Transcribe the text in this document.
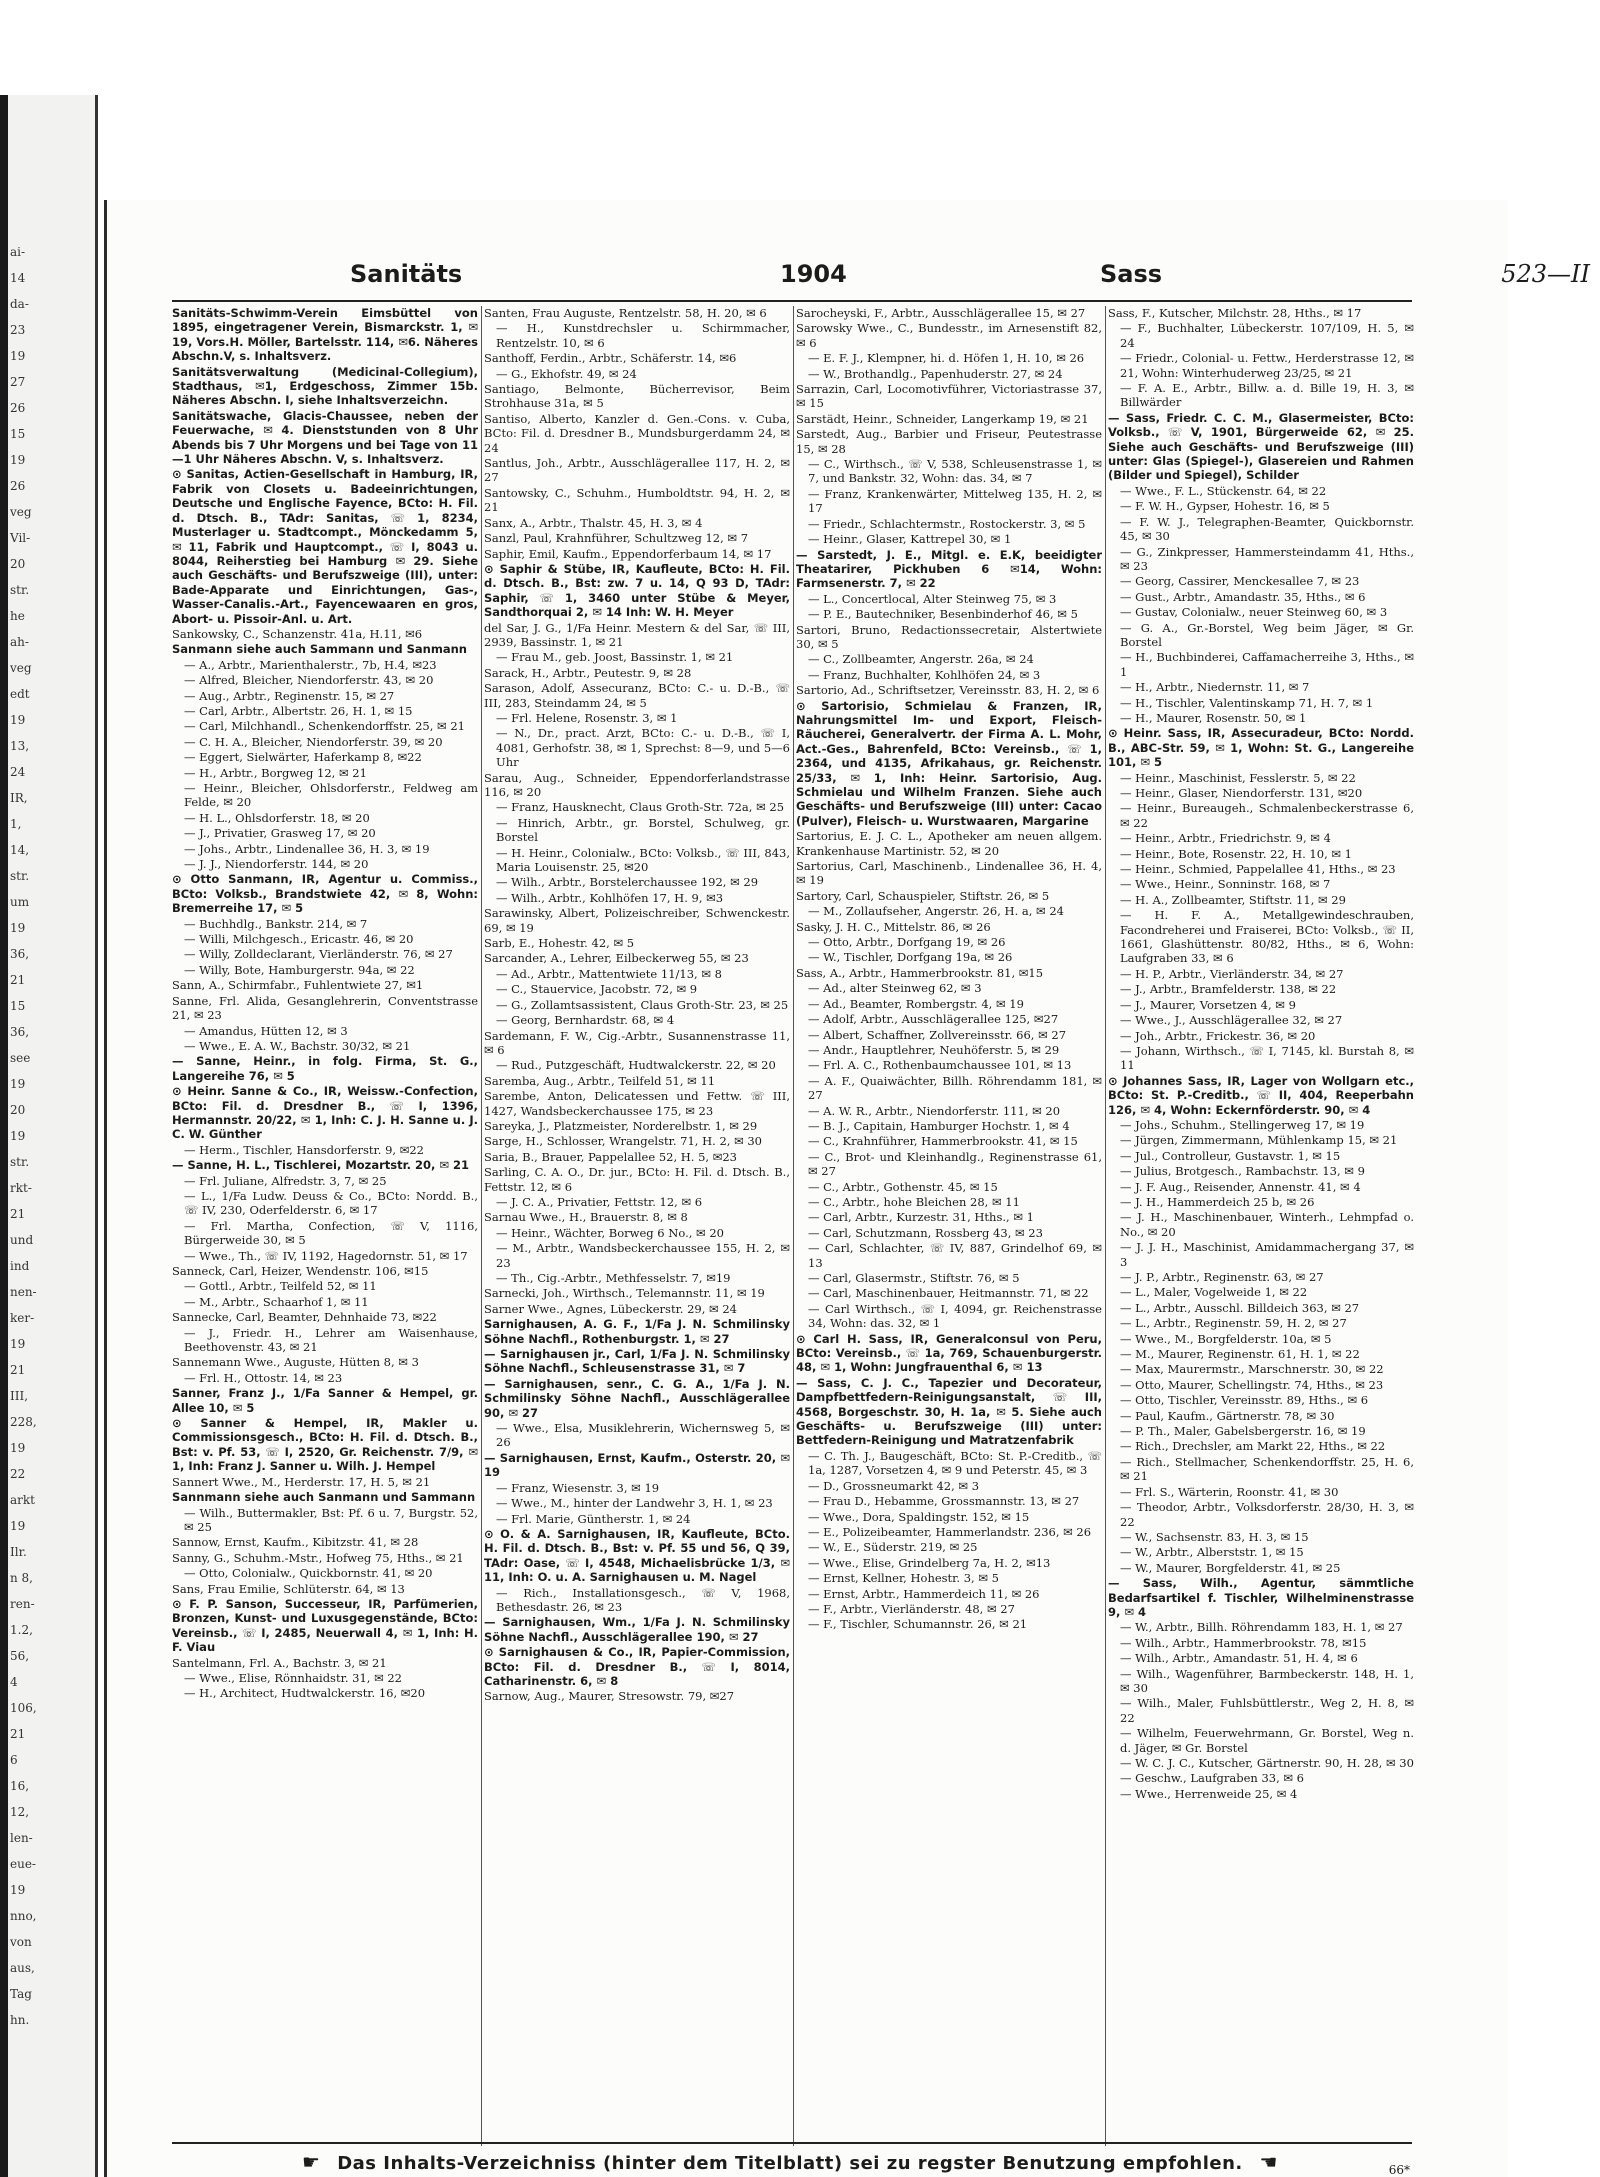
ai-
14
da-
23
19
27
26
15
19
26
veg
Vil-
20
str.
he
ah-
veg
edt
19
13,
24
IR,
1,
14,
str.
um
19
36,
21
15
36,
see
19
20
19
str.
rkt-
21
und
ind
nen-
ker-
19
21
III,
228,
19
22
arkt
19
Ilr.
n 8,
ren-
1.2,
56,
4
106,
21
6
16,
12,
len-
eue-
19
nno,
von
aus,
Tag
hn.
Sanitäts	1904	Sass	523—II
Sanitäts-Schwimm-Verein Eimsbüttel von 1895, eingetragener Verein, Bismarckstr. 1, ✉19, Vors.H. Möller, Bartelsstr. 114, ✉6. Näheres Abschn.V, s. Inhaltsverz.
Sanitätsverwaltung (Medicinal-Collegium), Stadthaus, ✉1, Erdgeschoss, Zimmer 15b. Näheres Abschn. I, siehe Inhaltsverzeichn.
Sanitätswache, Glacis-Chaussee, neben der Feuerwache, ✉ 4. Dienststunden von 8 Uhr Abends bis 7 Uhr Morgens und bei Tage von 11—1 Uhr Näheres Abschn. V, s. Inhaltsverz.
⊙ Sanitas, Actien-Gesellschaft in Hamburg, IR, Fabrik von Closets u. Badeeinrichtungen, Deutsche und Englische Fayence, BCto: H. Fil. d. Dtsch. B., TAdr: Sanitas, ☏ 1, 8234, Musterlager u. Stadtcompt., Mönckedamm 5, ✉ 11, Fabrik und Hauptcompt., ☏ I, 8043 u. 8044, Reiherstieg bei Hamburg ✉ 29. Siehe auch Geschäfts- und Berufszweige (III), unter: Bade-Apparate und Einrichtungen, Gas-, Wasser-Canalis.-Art., Fayencewaaren en gros, Abort- u. Pissoir-Anl. u. Art.
Sankowsky, C., Schanzenstr. 41a, H.11, ✉6
Sanmann siehe auch Sammann und Sanmann
— A., Arbtr., Marienthalerstr., 7b, H.4, ✉23
— Alfred, Bleicher, Niendorferstr. 43, ✉ 20
— Aug., Arbtr., Reginenstr. 15, ✉ 27
— Carl, Arbtr., Albertstr. 26, H. 1, ✉ 15
— Carl, Milchhandl., Schenkendorffstr. 25, ✉ 21
— C. H. A., Bleicher, Niendorferstr. 39, ✉ 20
— Eggert, Sielwärter, Haferkamp 8, ✉22
— H., Arbtr., Borgweg 12, ✉ 21
— Heinr., Bleicher, Ohlsdorferstr., Feldweg am Felde, ✉ 20
— H. L., Ohlsdorferstr. 18, ✉ 20
— J., Privatier, Grasweg 17, ✉ 20
— Johs., Arbtr., Lindenallee 36, H. 3, ✉ 19
— J. J., Niendorferstr. 144, ✉ 20
⊙ Otto Sanmann, IR, Agentur u. Commiss., BCto: Volksb., Brandstwiete 42, ✉ 8, Wohn: Bremerreihe 17, ✉ 5
— Buchhdlg., Bankstr. 214, ✉ 7
— Willi, Milchgesch., Ericastr. 46, ✉ 20
— Willy, Zolldeclarant, Vierländerstr. 76, ✉ 27
— Willy, Bote, Hamburgerstr. 94a, ✉ 22
Sann, A., Schirmfabr., Fuhlentwiete 27, ✉1
Sanne, Frl. Alida, Gesanglehrerin, Conventstrasse 21, ✉ 23
— Amandus, Hütten 12, ✉ 3
— Wwe., E. A. W., Bachstr. 30/32, ✉ 21
— Sanne, Heinr., in folg. Firma, St. G., Langereihe 76, ✉ 5
⊙ Heinr. Sanne & Co., IR, Weissw.-Confection, BCto: Fil. d. Dresdner B., ☏ I, 1396, Hermannstr. 20/22, ✉ 1, Inh: C. J. H. Sanne u. J. C. W. Günther
— Herm., Tischler, Hansdorferstr. 9, ✉22
— Sanne, H. L., Tischlerei, Mozartstr. 20, ✉ 21
— Frl. Juliane, Alfredstr. 3, 7, ✉ 25
— L., 1/Fa Ludw. Deuss & Co., BCto: Nordd. B., ☏ IV, 230, Oderfelderstr. 6, ✉ 17
— Frl. Martha, Confection, ☏ V, 1116, Bürgerweide 30, ✉ 5
— Wwe., Th., ☏ IV, 1192, Hagedornstr. 51, ✉ 17
Sanneck, Carl, Heizer, Wendenstr. 106, ✉15
— Gottl., Arbtr., Teilfeld 52, ✉ 11
— M., Arbtr., Schaarhof 1, ✉ 11
Sannecke, Carl, Beamter, Dehnhaide 73, ✉22
— J., Friedr. H., Lehrer am Waisenhause, Beethovenstr. 43, ✉ 21
Sannemann Wwe., Auguste, Hütten 8, ✉ 3
— Frl. H., Ottostr. 14, ✉ 23
Sanner, Franz J., 1/Fa Sanner & Hempel, gr. Allee 10, ✉ 5
⊙ Sanner & Hempel, IR, Makler u. Commissionsgesch., BCto: H. Fil. d. Dtsch. B., Bst: v. Pf. 53, ☏ I, 2520, Gr. Reichenstr. 7/9, ✉ 1, Inh: Franz J. Sanner u. Wilh. J. Hempel
Sannert Wwe., M., Herderstr. 17, H. 5, ✉ 21
Sannmann siehe auch Sanmann und Sammann
— Wilh., Buttermakler, Bst: Pf. 6 u. 7, Burgstr. 52, ✉ 25
Sannow, Ernst, Kaufm., Kibitzstr. 41, ✉ 28
Sanny, G., Schuhm.-Mstr., Hofweg 75, Hths., ✉ 21
— Otto, Colonialw., Quickbornstr. 41, ✉ 20
Sans, Frau Emilie, Schlüterstr. 64, ✉ 13
⊙ F. P. Sanson, Successeur, IR, Parfümerien, Bronzen, Kunst- und Luxusgegenstände, BCto: Vereinsb., ☏ I, 2485, Neuerwall 4, ✉ 1, Inh: H. F. Viau
Santelmann, Frl. A., Bachstr. 3, ✉ 21
— Wwe., Elise, Rönnhaidstr. 31, ✉ 22
— H., Architect, Hudtwalckerstr. 16, ✉20
Santen, Frau Auguste, Rentzelstr. 58, H. 20, ✉ 6
— H., Kunstdrechsler u. Schirmmacher, Rentzelstr. 10, ✉ 6
Santhoff, Ferdin., Arbtr., Schäferstr. 14, ✉6
— G., Ekhofstr. 49, ✉ 24
Santiago, Belmonte, Bücherrevisor, Beim Strohhause 31a, ✉ 5
Santiso, Alberto, Kanzler d. Gen.-Cons. v. Cuba, BCto: Fil. d. Dresdner B., Mundsburgerdamm 24, ✉ 24
Santlus, Joh., Arbtr., Ausschlägerallee 117, H. 2, ✉ 27
Santowsky, C., Schuhm., Humboldtstr. 94, H. 2, ✉ 21
Sanx, A., Arbtr., Thalstr. 45, H. 3, ✉ 4
Sanzl, Paul, Krahnführer, Schultzweg 12, ✉ 7
Saphir, Emil, Kaufm., Eppendorferbaum 14, ✉ 17
⊙ Saphir & Stübe, IR, Kaufleute, BCto: H. Fil. d. Dtsch. B., Bst: zw. 7 u. 14, Q 93 D, TAdr: Saphir, ☏ 1, 3460 unter Stübe & Meyer, Sandthorquai 2, ✉ 14 Inh: W. H. Meyer
del Sar, J. G., 1/Fa Heinr. Mestern & del Sar, ☏ III, 2939, Bassinstr. 1, ✉ 21
— Frau M., geb. Joost, Bassinstr. 1, ✉ 21
Sarack, H., Arbtr., Peutestr. 9, ✉ 28
Sarason, Adolf, Assecuranz, BCto: C.- u. D.-B., ☏ III, 283, Steindamm 24, ✉ 5
— Frl. Helene, Rosenstr. 3, ✉ 1
— N., Dr., pract. Arzt, BCto: C.- u. D.-B., ☏ I, 4081, Gerhofstr. 38, ✉ 1, Sprechst: 8—9, und 5—6 Uhr
Sarau, Aug., Schneider, Eppendorferlandstrasse 116, ✉ 20
— Franz, Hausknecht, Claus Groth-Str. 72a, ✉ 25
— Hinrich, Arbtr., gr. Borstel, Schulweg, gr. Borstel
— H. Heinr., Colonialw., BCto: Volksb., ☏ III, 843, Maria Louisenstr. 25, ✉20
— Wilh., Arbtr., Borstelerchaussee 192, ✉ 29
— Wilh., Arbtr., Kohlhöfen 17, H. 9, ✉3
Sarawinsky, Albert, Polizeischreiber, Schwenckestr. 69, ✉ 19
Sarb, E., Hohestr. 42, ✉ 5
Sarcander, A., Lehrer, Eilbeckerweg 55, ✉ 23
— Ad., Arbtr., Mattentwiete 11/13, ✉ 8
— C., Stauervice, Jacobstr. 72, ✉ 9
— G., Zollamtsassistent, Claus Groth-Str. 23, ✉ 25
— Georg, Bernhardstr. 68, ✉ 4
Sardemann, F. W., Cig.-Arbtr., Susannenstrasse 11, ✉ 6
— Rud., Putzgeschäft, Hudtwalckerstr. 22, ✉ 20
Saremba, Aug., Arbtr., Teilfeld 51, ✉ 11
Sarembe, Anton, Delicatessen und Fettw. ☏ III, 1427, Wandsbeckerchaussee 175, ✉ 23
Sareyka, J., Platzmeister, Norderelbstr. 1, ✉ 29
Sarge, H., Schlosser, Wrangelstr. 71, H. 2, ✉ 30
Saria, B., Brauer, Pappelallee 52, H. 5, ✉23
Sarling, C. A. O., Dr. jur., BCto: H. Fil. d. Dtsch. B., Fettstr. 12, ✉ 6
— J. C. A., Privatier, Fettstr. 12, ✉ 6
Sarnau Wwe., H., Brauerstr. 8, ✉ 8
— Heinr., Wächter, Borweg 6 No., ✉ 20
— M., Arbtr., Wandsbeckerchaussee 155, H. 2, ✉ 23
— Th., Cig.-Arbtr., Methfesselstr. 7, ✉19
Sarnecki, Joh., Wirthsch., Telemannstr. 11, ✉ 19
Sarner Wwe., Agnes, Lübeckerstr. 29, ✉ 24
Sarnighausen, A. G. F., 1/Fa J. N. Schmilinsky Söhne Nachfl., Rothenburgstr. 1, ✉ 27
— Sarnighausen jr., Carl, 1/Fa J. N. Schmilinsky Söhne Nachfl., Schleusenstrasse 31, ✉ 7
— Sarnighausen, senr., C. G. A., 1/Fa J. N. Schmilinsky Söhne Nachfl., Ausschlägerallee 90, ✉ 27
— Wwe., Elsa, Musiklehrerin, Wichernsweg 5, ✉ 26
— Sarnighausen, Ernst, Kaufm., Osterstr. 20, ✉ 19
— Franz, Wiesenstr. 3, ✉ 19
— Wwe., M., hinter der Landwehr 3, H. 1, ✉ 23
— Frl. Marie, Güntherstr. 1, ✉ 24
⊙ O. & A. Sarnighausen, IR, Kaufleute, BCto. H. Fil. d. Dtsch. B., Bst: v. Pf. 55 und 56, Q 39, TAdr: Oase, ☏ I, 4548, Michaelisbrücke 1/3, ✉ 11, Inh: O. u. A. Sarnighausen u. M. Nagel
— Rich., Installationsgesch., ☏ V, 1968, Bethesdastr. 26, ✉ 23
— Sarnighausen, Wm., 1/Fa J. N. Schmilinsky Söhne Nachfl., Ausschlägerallee 190, ✉ 27
⊙ Sarnighausen & Co., IR, Papier-Commission, BCto: Fil. d. Dresdner B., ☏ I, 8014, Catharinenstr. 6, ✉ 8
Sarnow, Aug., Maurer, Stresowstr. 79, ✉27
Sarocheyski, F., Arbtr., Ausschlägerallee 15, ✉ 27
Sarowsky Wwe., C., Bundesstr., im Arnesenstift 82, ✉ 6
— E. F. J., Klempner, hi. d. Höfen 1, H. 10, ✉ 26
— W., Brothandlg., Papenhuderstr. 27, ✉ 24
Sarrazin, Carl, Locomotivführer, Victoriastrasse 37, ✉ 15
Sarstädt, Heinr., Schneider, Langerkamp 19, ✉ 21
Sarstedt, Aug., Barbier und Friseur, Peutestrasse 15, ✉ 28
— C., Wirthsch., ☏ V, 538, Schleusenstrasse 1, ✉ 7, und Bankstr. 32, Wohn: das. 34, ✉ 7
— Franz, Krankenwärter, Mittelweg 135, H. 2, ✉ 17
— Friedr., Schlachtermstr., Rostockerstr. 3, ✉ 5
— Heinr., Glaser, Kattrepel 30, ✉ 1
— Sarstedt, J. E., Mitgl. e. E.K, beeidigter Theatarirer, Pickhuben 6 ✉14, Wohn: Farmsenerstr. 7, ✉ 22
— L., Concertlocal, Alter Steinweg 75, ✉ 3
— P. E., Bautechniker, Besenbinderhof 46, ✉ 5
Sartori, Bruno, Redactionssecretair, Alstertwiete 30, ✉ 5
— C., Zollbeamter, Angerstr. 26a, ✉ 24
— Franz, Buchhalter, Kohlhöfen 24, ✉ 3
Sartorio, Ad., Schriftsetzer, Vereinsstr. 83, H. 2, ✉ 6
⊙ Sartorisio, Schmielau & Franzen, IR, Nahrungsmittel Im- und Export, Fleisch-Räucherei, Generalvertr. der Firma A. L. Mohr, Act.-Ges., Bahrenfeld, BCto: Vereinsb., ☏ 1, 2364, und 4135, Afrikahaus, gr. Reichenstr. 25/33, ✉ 1, Inh: Heinr. Sartorisio, Aug. Schmielau und Wilhelm Franzen. Siehe auch Geschäfts- und Berufszweige (III) unter: Cacao (Pulver), Fleisch- u. Wurstwaaren, Margarine
Sartorius, E. J. C. L., Apotheker am neuen allgem. Krankenhause Martinistr. 52, ✉ 20
Sartorius, Carl, Maschinenb., Lindenallee 36, H. 4, ✉ 19
Sartory, Carl, Schauspieler, Stiftstr. 26, ✉ 5
— M., Zollaufseher, Angerstr. 26, H. a, ✉ 24
Sasky, J. H. C., Mittelstr. 86, ✉ 26
— Otto, Arbtr., Dorfgang 19, ✉ 26
— W., Tischler, Dorfgang 19a, ✉ 26
Sass, A., Arbtr., Hammerbrookstr. 81, ✉15
— Ad., alter Steinweg 62, ✉ 3
— Ad., Beamter, Rombergstr. 4, ✉ 19
— Adolf, Arbtr., Ausschlägerallee 125, ✉27
— Albert, Schaffner, Zollvereinsstr. 66, ✉ 27
— Andr., Hauptlehrer, Neuhöferstr. 5, ✉ 29
— Frl. A. C., Rothenbaumchaussee 101, ✉ 13
— A. F., Quaiwächter, Billh. Röhrendamm 181, ✉ 27
— A. W. R., Arbtr., Niendorferstr. 111, ✉ 20
— B. J., Capitain, Hamburger Hochstr. 1, ✉ 4
— C., Krahnführer, Hammerbrookstr. 41, ✉ 15
— C., Brot- und Kleinhandlg., Reginenstrasse 61, ✉ 27
— C., Arbtr., Gothenstr. 45, ✉ 15
— C., Arbtr., hohe Bleichen 28, ✉ 11
— Carl, Arbtr., Kurzestr. 31, Hths., ✉ 1
— Carl, Schutzmann, Rossberg 43, ✉ 23
— Carl, Schlachter, ☏ IV, 887, Grindelhof 69, ✉ 13
— Carl, Glasermstr., Stiftstr. 76, ✉ 5
— Carl, Maschinenbauer, Heitmannstr. 71, ✉ 22
— Carl Wirthsch., ☏ I, 4094, gr. Reichenstrasse 34, Wohn: das. 32, ✉ 1
⊙ Carl H. Sass, IR, Generalconsul von Peru, BCto: Vereinsb., ☏ 1a, 769, Schauenburgerstr. 48, ✉ 1, Wohn: Jungfrauenthal 6, ✉ 13
— Sass, C. J. C., Tapezier und Decorateur, Dampfbettfedern-Reinigungsanstalt, ☏ III, 4568, Borgeschstr. 30, H. 1a, ✉ 5. Siehe auch Geschäfts- u. Berufszweige (III) unter: Bettfedern-Reinigung und Matratzenfabrik
— C. Th. J., Baugeschäft, BCto: St. P.-Creditb., ☏ 1a, 1287, Vorsetzen 4, ✉ 9 und Peterstr. 45, ✉ 3
— D., Grossneumarkt 42, ✉ 3
— Frau D., Hebamme, Grossmannstr. 13, ✉ 27
— Wwe., Dora, Spaldingstr. 152, ✉ 15
— E., Polizeibeamter, Hammerlandstr. 236, ✉ 26
— W., E., Süderstr. 219, ✉ 25
— Wwe., Elise, Grindelberg 7a, H. 2, ✉13
— Ernst, Kellner, Hohestr. 3, ✉ 5
— Ernst, Arbtr., Hammerdeich 11, ✉ 26
— F., Arbtr., Vierländerstr. 48, ✉ 27
— F., Tischler, Schumannstr. 26, ✉ 21
Sass, F., Kutscher, Milchstr. 28, Hths., ✉ 17
— F., Buchhalter, Lübeckerstr. 107/109, H. 5, ✉ 24
— Friedr., Colonial- u. Fettw., Herderstrasse 12, ✉ 21, Wohn: Winterhuderweg 23/25, ✉ 21
— F. A. E., Arbtr., Billw. a. d. Bille 19, H. 3, ✉ Billwärder
— Sass, Friedr. C. C. M., Glasermeister, BCto: Volksb., ☏ V, 1901, Bürgerweide 62, ✉ 25. Siehe auch Geschäfts- und Berufszweige (III) unter: Glas (Spiegel-), Glasereien und Rahmen (Bilder und Spiegel), Schilder
— Wwe., F. L., Stückenstr. 64, ✉ 22
— F. W. H., Gypser, Hohestr. 16, ✉ 5
— F. W. J., Telegraphen-Beamter, Quickbornstr. 45, ✉ 30
— G., Zinkpresser, Hammersteindamm 41, Hths., ✉ 23
— Georg, Cassirer, Menckesallee 7, ✉ 23
— Gust., Arbtr., Amandastr. 35, Hths., ✉ 6
— Gustav, Colonialw., neuer Steinweg 60, ✉ 3
— G. A., Gr.-Borstel, Weg beim Jäger, ✉ Gr. Borstel
— H., Buchbinderei, Caffamacherreihe 3, Hths., ✉ 1
— H., Arbtr., Niedernstr. 11, ✉ 7
— H., Tischler, Valentinskamp 71, H. 7, ✉ 1
— H., Maurer, Rosenstr. 50, ✉ 1
⊙ Heinr. Sass, IR, Assecuradeur, BCto: Nordd. B., ABC-Str. 59, ✉ 1, Wohn: St. G., Langereihe 101, ✉ 5
— Heinr., Maschinist, Fesslerstr. 5, ✉ 22
— Heinr., Glaser, Niendorferstr. 131, ✉20
— Heinr., Bureaugeh., Schmalenbeckerstrasse 6, ✉ 22
— Heinr., Arbtr., Friedrichstr. 9, ✉ 4
— Heinr., Bote, Rosenstr. 22, H. 10, ✉ 1
— Heinr., Schmied, Pappelallee 41, Hths., ✉ 23
— Wwe., Heinr., Sonninstr. 168, ✉ 7
— H. A., Zollbeamter, Stiftstr. 11, ✉ 29
— H. F. A., Metallgewindeschrauben, Facondreherei und Fraiserei, BCto: Volksb., ☏ II, 1661, Glashüttenstr. 80/82, Hths., ✉ 6, Wohn: Laufgraben 33, ✉ 6
— H. P., Arbtr., Vierländerstr. 34, ✉ 27
— J., Arbtr., Bramfelderstr. 138, ✉ 22
— J., Maurer, Vorsetzen 4, ✉ 9
— Wwe., J., Ausschlägerallee 32, ✉ 27
— Joh., Arbtr., Frickestr. 36, ✉ 20
— Johann, Wirthsch., ☏ I, 7145, kl. Burstah 8, ✉ 11
⊙ Johannes Sass, IR, Lager von Wollgarn etc., BCto: St. P.-Creditb., ☏ II, 404, Reeperbahn 126, ✉ 4, Wohn: Eckernförderstr. 90, ✉ 4
— Johs., Schuhm., Stellingerweg 17, ✉ 19
— Jürgen, Zimmermann, Mühlenkamp 15, ✉ 21
— Jul., Controlleur, Gustavstr. 1, ✉ 15
— Julius, Brotgesch., Rambachstr. 13, ✉ 9
— J. F. Aug., Reisender, Annenstr. 41, ✉ 4
— J. H., Hammerdeich 25 b, ✉ 26
— J. H., Maschinenbauer, Winterh., Lehmpfad o. No., ✉ 20
— J. J. H., Maschinist, Amidammachergang 37, ✉ 3
— J. P., Arbtr., Reginenstr. 63, ✉ 27
— L., Maler, Vogelweide 1, ✉ 22
— L., Arbtr., Ausschl. Billdeich 363, ✉ 27
— L., Arbtr., Reginenstr. 59, H. 2, ✉ 27
— Wwe., M., Borgfelderstr. 10a, ✉ 5
— M., Maurer, Reginenstr. 61, H. 1, ✉ 22
— Max, Maurermstr., Marschnerstr. 30, ✉ 22
— Otto, Maurer, Schellingstr. 74, Hths., ✉ 23
— Otto, Tischler, Vereinsstr. 89, Hths., ✉ 6
— Paul, Kaufm., Gärtnerstr. 78, ✉ 30
— P. Th., Maler, Gabelsbergerstr. 16, ✉ 19
— Rich., Drechsler, am Markt 22, Hths., ✉ 22
— Rich., Stellmacher, Schenkendorffstr. 25, H. 6, ✉ 21
— Frl. S., Wärterin, Roonstr. 41, ✉ 30
— Theodor, Arbtr., Volksdorferstr. 28/30, H. 3, ✉ 22
— W., Sachsenstr. 83, H. 3, ✉ 15
— W., Arbtr., Alberststr. 1, ✉ 15
— W., Maurer, Borgfelderstr. 41, ✉ 25
— Sass, Wilh., Agentur, sämmtliche Bedarfsartikel f. Tischler, Wilhelminenstrasse 9, ✉ 4
— W., Arbtr., Billh. Röhrendamm 183, H. 1, ✉ 27
— Wilh., Arbtr., Hammerbrookstr. 78, ✉15
— Wilh., Arbtr., Amandastr. 51, H. 4, ✉ 6
— Wilh., Wagenführer, Barmbeckerstr. 148, H. 1, ✉ 30
— Wilh., Maler, Fuhlsbüttlerstr., Weg 2, H. 8, ✉ 22
— Wilhelm, Feuerwehrmann, Gr. Borstel, Weg n. d. Jäger, ✉ Gr. Borstel
— W. C. J. C., Kutscher, Gärtnerstr. 90, H. 28, ✉ 30
— Geschw., Laufgraben 33, ✉ 6
— Wwe., Herrenweide 25, ✉ 4
☛ Das Inhalts-Verzeichniss (hinter dem Titelblatt) sei zu regster Benutzung empfohlen. ☚	66*
